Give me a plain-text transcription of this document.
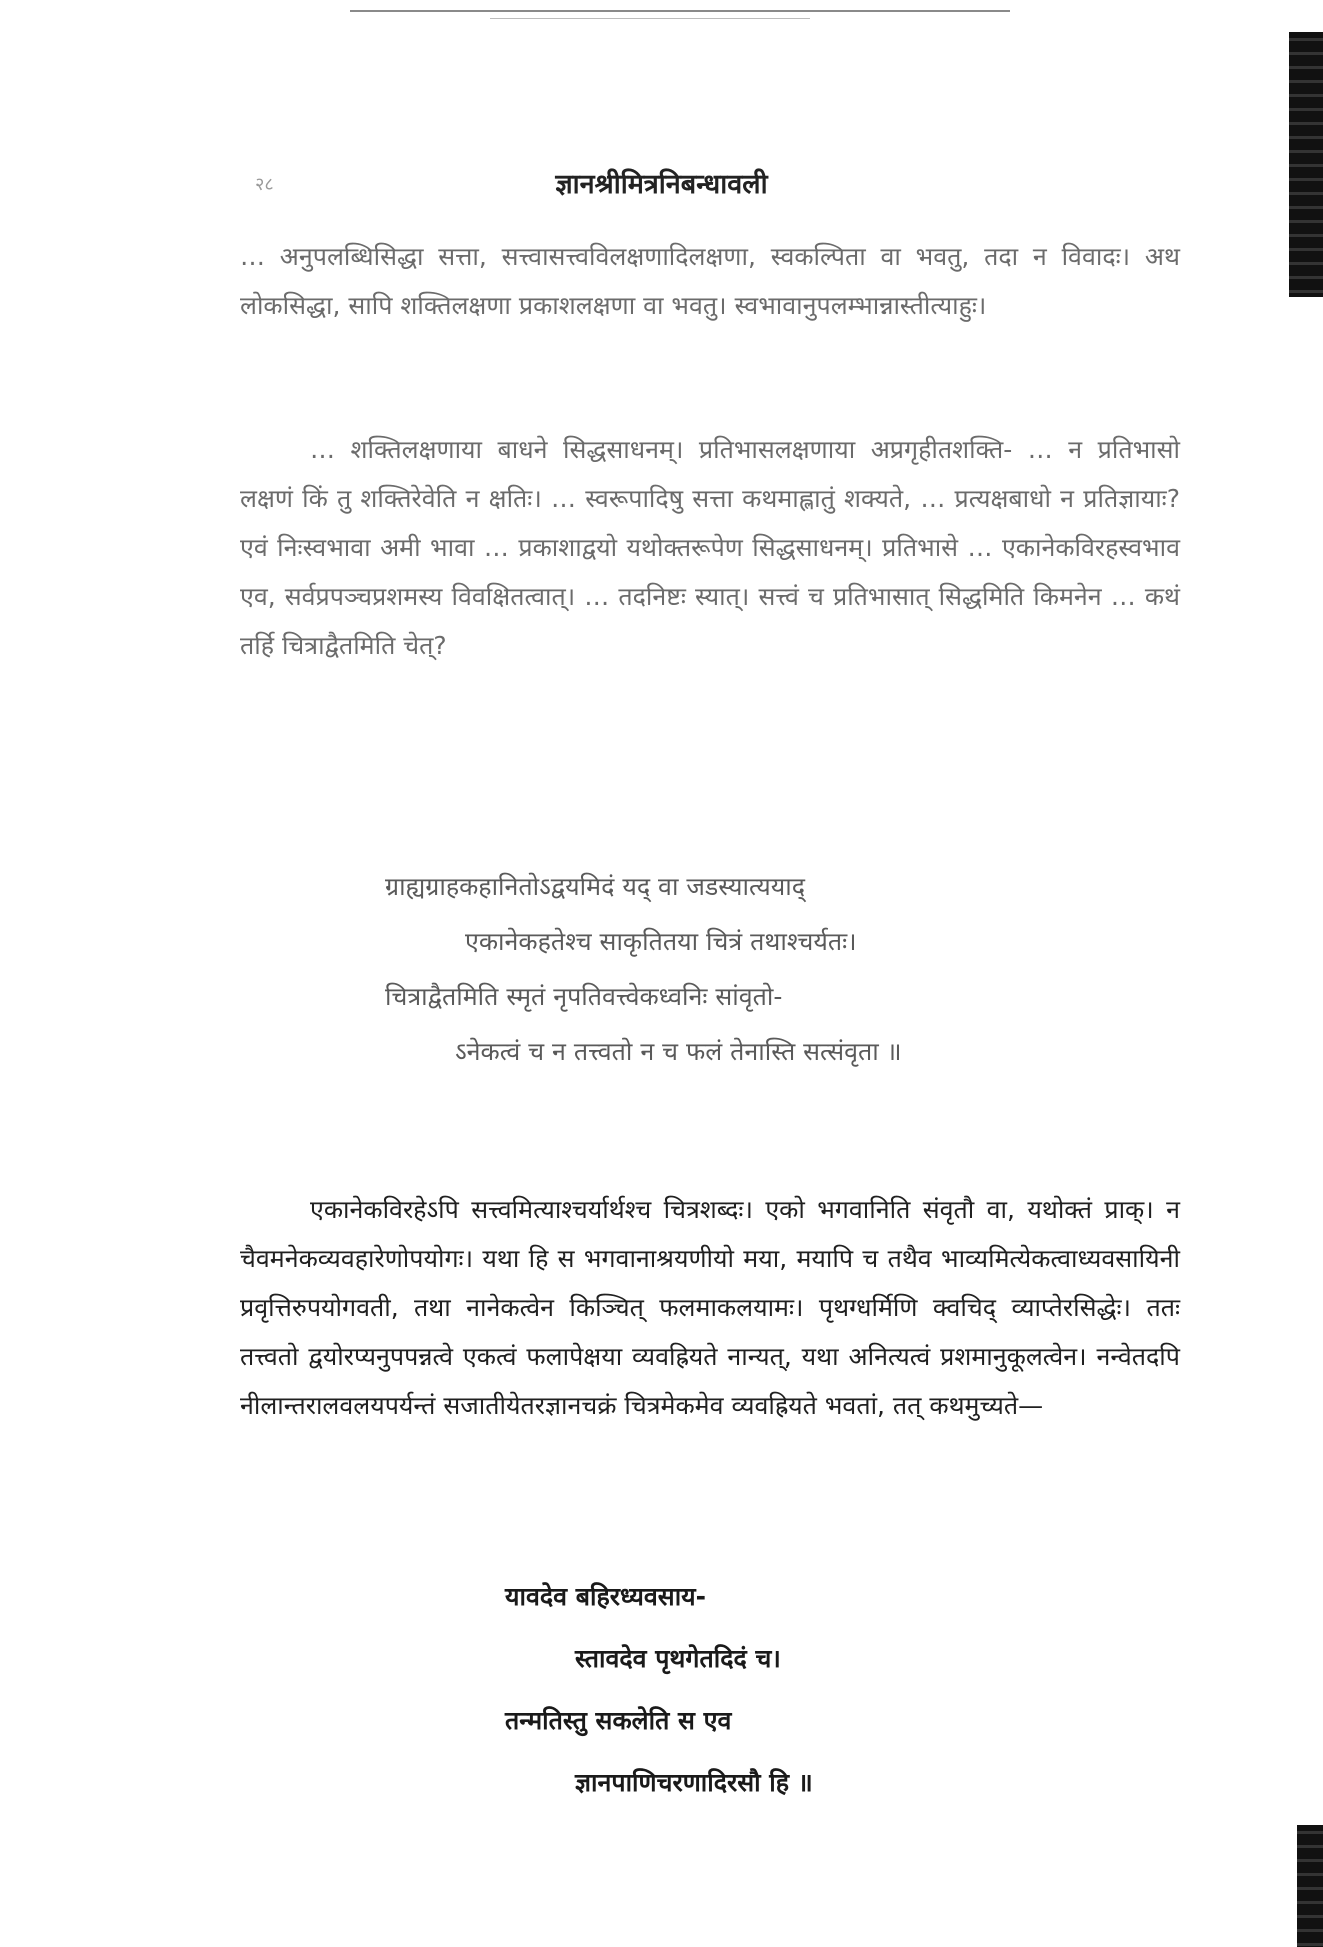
२८	ज्ञानश्रीमित्रनिबन्धावली

… अनुपलब्धिसिद्धा सत्ता, सत्त्वासत्त्वविलक्षणादिलक्षणा, स्वकल्पिता वा भवतु, तदा न विवादः। अथ लोकसिद्धा, सापि शक्तिलक्षणा प्रकाशलक्षणा वा भवतु। स्वभावानुपलम्भान्नास्तीत्याहुः।

… शक्तिलक्षणाया बाधने सिद्धसाधनम्। प्रतिभासलक्षणाया अप्रगृहीतशक्ति- … न प्रतिभासो लक्षणं किं तु शक्तिरेवेति न क्षतिः। … स्वरूपादिषु सत्ता कथमाह्लातुं शक्यते, … प्रत्यक्षबाधो न प्रतिज्ञायाः? एवं निःस्वभावा अमी भावा … प्रकाशाद्वयो यथोक्तरूपेण सिद्धसाधनम्। प्रतिभासे … एकानेकविरहस्वभाव एव, सर्वप्रपञ्चप्रशमस्य विवक्षितत्वात्। … तदनिष्टः स्यात्। सत्त्वं च प्रतिभासात् सिद्धमिति किमनेन … कथं तर्हि चित्राद्वैतमिति चेत्?

ग्राह्यग्राहकहानितोऽद्वयमिदं यद् वा जडस्यात्ययाद्

एकानेकहतेश्च साकृतितया चित्रं तथाश्चर्यतः।

चित्राद्वैतमिति स्मृतं नृपतिवत्त्वेकध्वनिः सांवृतो-

ऽनेकत्वं च न तत्त्वतो न च फलं तेनास्ति सत्संवृता ॥

एकानेकविरहेऽपि सत्त्वमित्याश्चर्यार्थश्च चित्रशब्दः। एको भगवानिति संवृतौ वा, यथोक्तं प्राक्। न चैवमनेकव्यवहारेणोपयोगः। यथा हि स भगवानाश्रयणीयो मया, मयापि च तथैव भाव्यमित्येकत्वाध्यवसायिनी प्रवृत्तिरुपयोगवती, तथा नानेकत्वेन किञ्चित् फलमाकलयामः। पृथग्धर्मिणि क्वचिद् व्याप्तेरसिद्धेः। ततः तत्त्वतो द्वयोरप्यनुपपन्नत्वे एकत्वं फलापेक्षया व्यवह्रियते नान्यत्, यथा अनित्यत्वं प्रशमानुकूलत्वेन। नन्वेतदपि नीलान्तरालवलयपर्यन्तं सजातीयेतरज्ञानचक्रं चित्रमेकमेव व्यवह्रियते भवतां, तत् कथमुच्यते—

यावदेव बहिरध्यवसाय-

स्तावदेव पृथगेतदिदं च।

तन्मतिस्तु सकलेति स एव

ज्ञानपाणिचरणादिरसौ हि ॥
